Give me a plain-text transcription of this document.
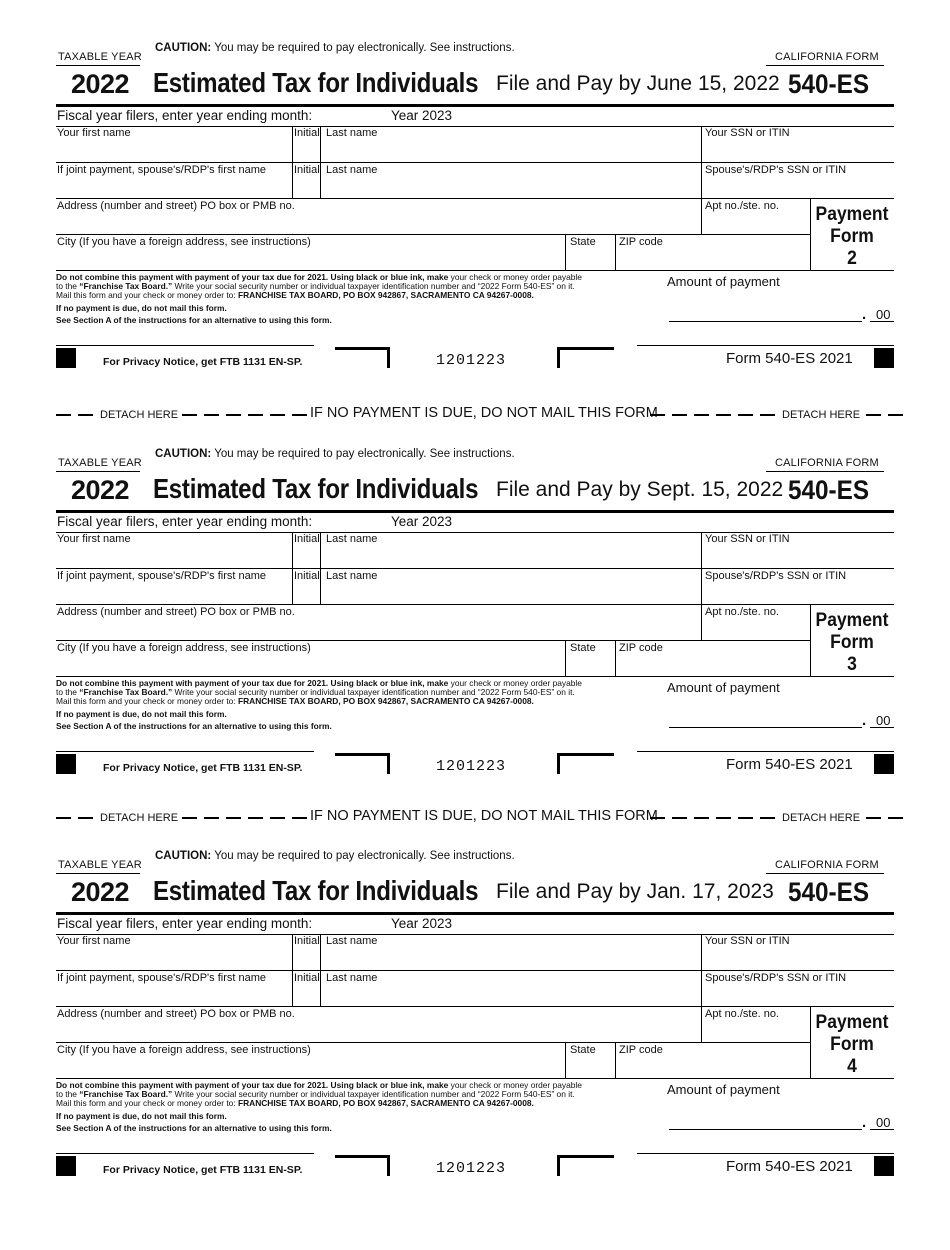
TAXABLE YEAR
CAUTION: You may be required to pay electronically. See instructions.
CALIFORNIA FORM
2022 Estimated Tax for Individuals File and Pay by June 15, 2022 540-ES
Fiscal year filers, enter year ending month:	Year 2023
Your first name	Initial Last name	Your SSN or ITIN
If joint payment, spouse's/RDP's first name	Initial Last name	Spouse's/RDP's SSN or ITIN
Address (number and street) PO box or PMB no.	Apt no./ste. no.
City (If you have a foreign address, see instructions)	State ZIP code
Payment
Form
2
Do not combine this payment with payment of your tax due for 2021. Using black or blue ink, make your check or money order payable
to the “Franchise Tax Board.” Write your social security number or individual taxpayer identification number and “2022 Form 540-ES” on it.
Mail this form and your check or money order to: FRANCHISE TAX BOARD, PO BOX 942867, SACRAMENTO CA 94267-0008.
If no payment is due, do not mail this form.
See Section A of the instructions for an alternative to using this form.
Amount of payment
. 00
For Privacy Notice, get FTB 1131 EN-SP.	1201223	Form 540-ES 2021
DETACH HERE	IF NO PAYMENT IS DUE, DO NOT MAIL THIS FORM	DETACH HERE
TAXABLE YEAR
CAUTION: You may be required to pay electronically. See instructions.
CALIFORNIA FORM
2022 Estimated Tax for Individuals File and Pay by Sept. 15, 2022 540-ES
Fiscal year filers, enter year ending month:	Year 2023
Your first name	Initial Last name	Your SSN or ITIN
If joint payment, spouse's/RDP's first name	Initial Last name	Spouse's/RDP's SSN or ITIN
Address (number and street) PO box or PMB no.	Apt no./ste. no.
City (If you have a foreign address, see instructions)	State ZIP code
Payment
Form
3
Do not combine this payment with payment of your tax due for 2021. Using black or blue ink, make your check or money order payable
to the “Franchise Tax Board.” Write your social security number or individual taxpayer identification number and “2022 Form 540-ES” on it.
Mail this form and your check or money order to: FRANCHISE TAX BOARD, PO BOX 942867, SACRAMENTO CA 94267-0008.
If no payment is due, do not mail this form.
See Section A of the instructions for an alternative to using this form.
Amount of payment
. 00
For Privacy Notice, get FTB 1131 EN-SP.	1201223	Form 540-ES 2021
DETACH HERE	IF NO PAYMENT IS DUE, DO NOT MAIL THIS FORM	DETACH HERE
TAXABLE YEAR
CAUTION: You may be required to pay electronically. See instructions.
CALIFORNIA FORM
2022 Estimated Tax for Individuals File and Pay by Jan. 17, 2023 540-ES
Fiscal year filers, enter year ending month:	Year 2023
Your first name	Initial Last name	Your SSN or ITIN
If joint payment, spouse's/RDP's first name	Initial Last name	Spouse's/RDP's SSN or ITIN
Address (number and street) PO box or PMB no.	Apt no./ste. no.
City (If you have a foreign address, see instructions)	State ZIP code
Payment
Form
4
Do not combine this payment with payment of your tax due for 2021. Using black or blue ink, make your check or money order payable
to the “Franchise Tax Board.” Write your social security number or individual taxpayer identification number and “2022 Form 540-ES” on it.
Mail this form and your check or money order to: FRANCHISE TAX BOARD, PO BOX 942867, SACRAMENTO CA 94267-0008.
If no payment is due, do not mail this form.
See Section A of the instructions for an alternative to using this form.
Amount of payment
. 00
For Privacy Notice, get FTB 1131 EN-SP.	1201223	Form 540-ES 2021
